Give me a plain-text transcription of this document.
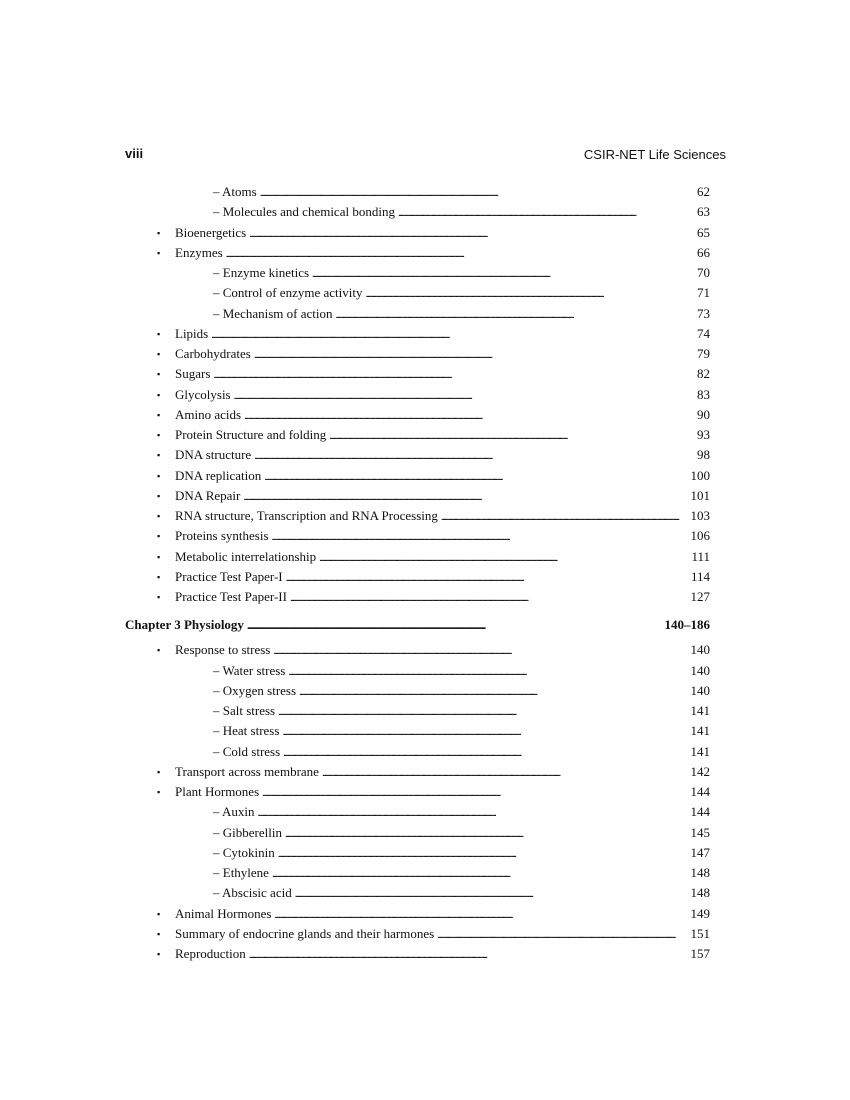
viii	CSIR-NET Life Sciences
– Atoms . . .	62
– Molecules and chemical bonding . . .	63
Bioenergetics . . .	65
▪
Enzymes . . .	66
▪
– Enzyme kinetics . . .	70
– Control of enzyme activity . . .	71
– Mechanism of action . . .	73
Lipids . . .	74
▪
Carbohydrates . . .	79
▪
Sugars . . .	82
▪
Glycolysis . . .	83
▪
Amino acids . . .	90
▪
Protein Structure and folding . . .	93
▪
DNA structure . . .	98
▪
DNA replication . . .	100
▪
DNA Repair . . .	101
▪
RNA structure, Transcription and RNA Processing . . .	103
▪
Proteins synthesis . . .	106
▪
Metabolic interrelationship . . .	111
▪
Practice Test Paper-I . . .	114
▪
Practice Test Paper-II . . .	127
▪
Chapter 3 Physiology . . .	140–186
Response to stress . . .	140
▪
– Water stress . . .	140
– Oxygen stress . . .	140
– Salt stress . . .	141
– Heat stress . . .	141
– Cold stress . . .	141
Transport across membrane . . .	142
▪
Plant Hormones . . .	144
▪
– Auxin . . .	144
– Gibberellin . . .	145
– Cytokinin . . .	147
– Ethylene . . .	148
– Abscisic acid . . .	148
Animal Hormones . . .	149
▪
Summary of endocrine glands and their harmones . . .	151
▪
Reproduction . . .	157
▪
